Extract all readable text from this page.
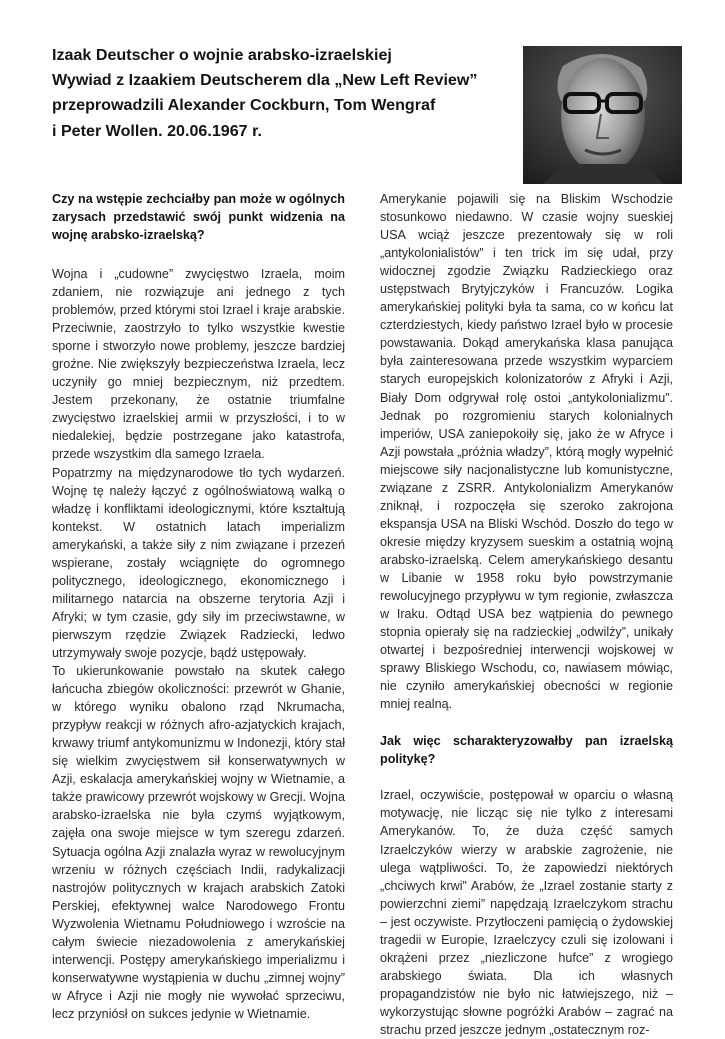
Izaak Deutscher o wojnie arabsko-izraelskiej
Wywiad z Izaakiem Deutscherem dla „New Left Review”
przeprowadzili Alexander Cockburn, Tom Wengraf
i Peter Wollen. 20.06.1967 r.

Czy na wstępie zechciałby pan może w ogólnych zarysach przedstawić swój punkt widzenia na wojnę arabsko-izraelską?

Wojna i „cudowne” zwycięstwo Izraela, moim zdaniem, nie rozwiązuje ani jednego z tych problemów, przed którymi stoi Izrael i kraje arabskie. Przeciwnie, zaostrzyło to tylko wszystkie kwestie sporne i stworzyło nowe problemy, jeszcze bardziej groźne. Nie zwiększyły bezpieczeństwa Izraela, lecz uczyniły go mniej bezpiecznym, niż przedtem. Jestem przekonany, że ostatnie triumfalne zwycięstwo izraelskiej armii w przyszłości, i to w niedalekiej, będzie postrzegane jako katastrofa, przede wszystkim dla samego Izraela.

Popatrzmy na międzynarodowe tło tych wydarzeń. Wojnę tę należy łączyć z ogólnoświatową walką o władzę i konfliktami ideologicznymi, które kształtują kontekst. W ostatnich latach imperializm amerykański, a także siły z nim związane i przezeń wspierane, zostały wciągnięte do ogromnego politycznego, ideologicznego, ekonomicznego i militarnego natarcia na obszerne terytoria Azji i Afryki; w tym czasie, gdy siły im przeciwstawne, w pierwszym rzędzie Związek Radziecki, ledwo utrzymywały swoje pozycje, bądź ustępowały.

To ukierunkowanie powstało na skutek całego łańcucha zbiegów okoliczności: przewrót w Ghanie, w którego wyniku obalono rząd Nkrumacha, przypływ reakcji w różnych afro-azjatyckich krajach, krwawy triumf antykomunizmu w Indonezji, który stał się wielkim zwycięstwem sił konserwatywnych w Azji, eskalacja amerykańskiej wojny w Wietnamie, a także prawicowy przewrót wojskowy w Grecji. Wojna arabsko-izraelska nie była czymś wyjątkowym, zajęła ona swoje miejsce w tym szeregu zdarzeń. Sytuacja ogólna Azji znalazła wyraz w rewolucyjnym wrzeniu w różnych częściach Indii, radykalizacji nastrojów politycznych w krajach arabskich Zatoki Perskiej, efektywnej walce Narodowego Frontu Wyzwolenia Wietnamu Południowego i wzroście na całym świecie niezadowolenia z amerykańskiej interwencji. Postępy amerykańskiego imperializmu i konserwatywne wystąpienia w duchu „zimnej wojny” w Afryce i Azji nie mogły nie wywołać sprzeciwu, lecz przyniósł on sukces jedynie w Wietnamie.

Amerykanie pojawili się na Bliskim Wschodzie stosunkowo niedawno. W czasie wojny sueskiej USA wciąż jeszcze prezentowały się w roli „antykolonialistów” i ten trick im się udał, przy widocznej zgodzie Związku Radzieckiego oraz ustępstwach Brytyjczyków i Francuzów. Logika amerykańskiej polityki była ta sama, co w końcu lat czterdziestych, kiedy państwo Izrael było w procesie powstawania. Dokąd amerykańska klasa panująca była zainteresowana przede wszystkim wyparciem starych europejskich kolonizatorów z Afryki i Azji, Biały Dom odgrywał rolę ostoi „antykolonializmu”. Jednak po rozgromieniu starych kolonialnych imperiów, USA zaniepokoiły się, jako że w Afryce i Azji powstała „próżnia władzy”, którą mogły wypełnić miejscowe siły nacjonalistyczne lub komunistyczne, związane z ZSRR. Antykolonializm Amerykanów zniknął, i rozpoczęła się szeroko zakrojona ekspansja USA na Bliski Wschód. Doszło do tego w okresie między kryzysem sueskim a ostatnią wojną arabsko-izraelską. Celem amerykańskiego desantu w Libanie w 1958 roku było powstrzymanie rewolucyjnego przypływu w tym regionie, zwłaszcza w Iraku. Odtąd USA bez wątpienia do pewnego stopnia opierały się na radzieckiej „odwilży”, unikały otwartej i bezpośredniej interwencji wojskowej w sprawy Bliskiego Wschodu, co, nawiasem mówiąc, nie czyniło amerykańskiej obecności w regionie mniej realną.

Jak więc scharakteryzowałby pan izraelską politykę?

Izrael, oczywiście, postępował w oparciu o własną motywację, nie licząc się nie tylko z interesami Amerykanów. To, że duża część samych Izraelczyków wierzy w arabskie zagrożenie, nie ulega wątpliwości. To, że zapowiedzi niektórych „chciwych krwi” Arabów, że „Izrael zostanie starty z powierzchni ziemi” napędzają Izraelczykom strachu – jest oczywiste. Przytłoczeni pamięcią o żydowskiej tragedii w Europie, Izraelczycy czuli się izolowani i okrążeni przez „niezliczone hufce” z wrogiego arabskiego świata. Dla ich własnych propagandzistów nie było nic łatwiejszego, niż – wykorzystując słowne pogróżki Arabów – zagrać na strachu przed jeszcze jednym „ostatecznym roz-
